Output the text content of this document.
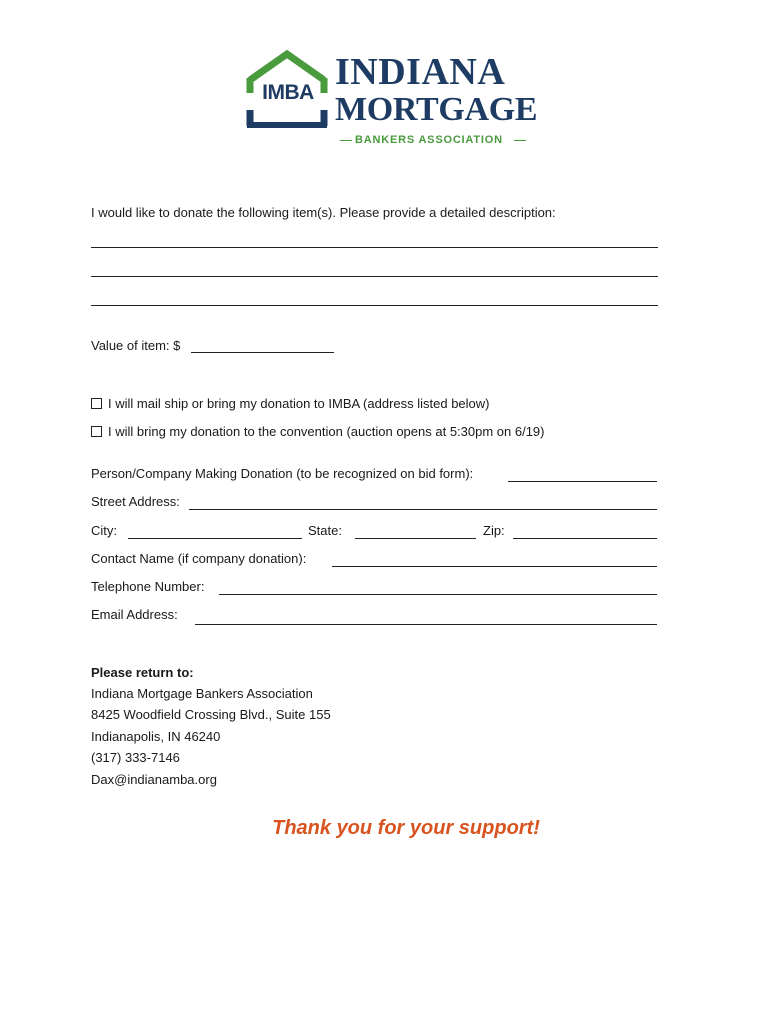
IMBA INDIANA
MORTGAGE
BANKERS ASSOCIATION
I would like to donate the following item(s). Please provide a detailed description:
Value of item: $
I will mail ship or bring my donation to IMBA (address listed below)
I will bring my donation to the convention (auction opens at 5:30pm on 6/19)
Person/Company Making Donation (to be recognized on bid form):
Street Address:
City:	State:	Zip:
Contact Name (if company donation):
Telephone Number:
Email Address:
Please return to:
Indiana Mortgage Bankers Association
8425 Woodfield Crossing Blvd., Suite 155
Indianapolis, IN 46240
(317) 333-7146
Dax@indianamba.org
Thank you for your support!
